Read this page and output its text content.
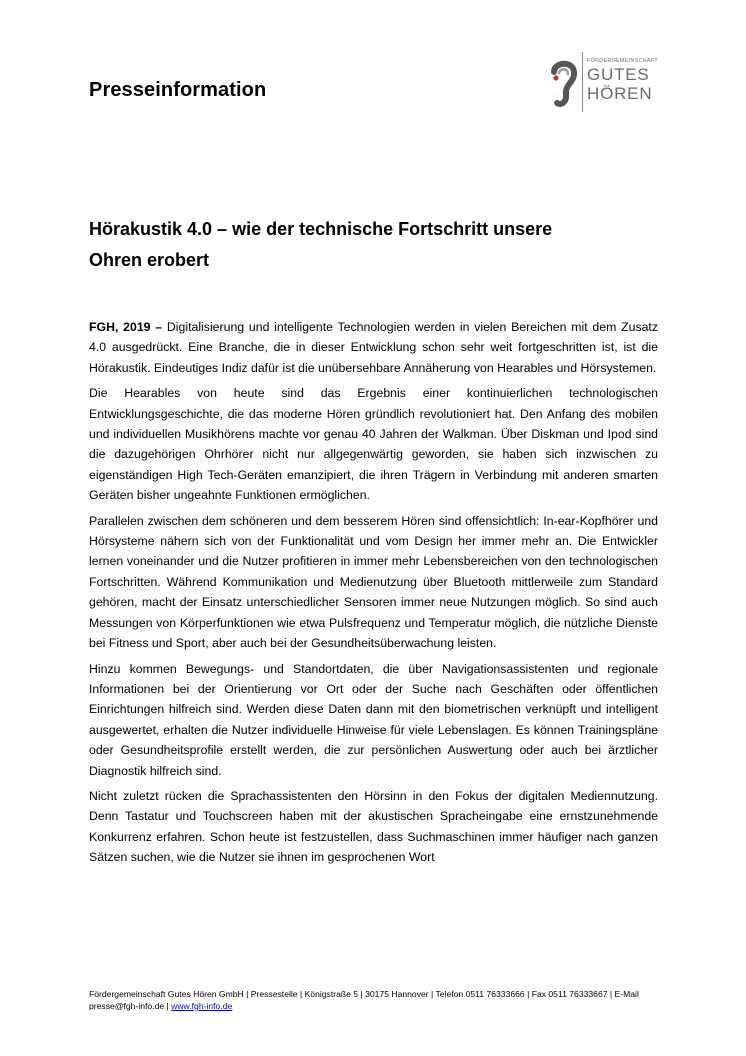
Presseinformation
FÖRDERGEMEINSCHAFT
GUTES
HÖREN
Hörakustik 4.0 – wie der technische Fortschritt unsere
Ohren erobert

FGH, 2019 – Digitalisierung und intelligente Technologien werden in vielen Bereichen mit dem Zusatz 4.0 ausgedrückt. Eine Branche, die in dieser Entwicklung schon sehr weit fortgeschritten ist, ist die Hörakustik. Eindeutiges Indiz dafür ist die unübersehbare Annäherung von Hearables und Hörsystemen.

Die Hearables von heute sind das Ergebnis einer kontinuierlichen technologischen Entwicklungsgeschichte, die das moderne Hören gründlich revolutioniert hat. Den Anfang des mobilen und individuellen Musikhörens machte vor genau 40 Jahren der Walkman. Über Diskman und Ipod sind die dazugehörigen Ohrhörer nicht nur allgegenwärtig geworden, sie haben sich inzwischen zu eigenständigen High Tech-Geräten emanzipiert, die ihren Trägern in Verbindung mit anderen smarten Geräten bisher ungeahnte Funktionen ermöglichen.

Parallelen zwischen dem schöneren und dem besserem Hören sind offensichtlich: In-ear-Kopfhörer und Hörsysteme nähern sich von der Funktionalität und vom Design her immer mehr an. Die Entwickler lernen voneinander und die Nutzer profitieren in immer mehr Lebensbereichen von den technologischen Fortschritten. Während Kommunikation und Medienutzung über Bluetooth mittlerweile zum Standard gehören, macht der Einsatz unterschiedlicher Sensoren immer neue Nutzungen möglich. So sind auch Messungen von Körperfunktionen wie etwa Pulsfrequenz und Temperatur möglich, die nützliche Dienste bei Fitness und Sport, aber auch bei der Gesundheitsüberwachung leisten.

Hinzu kommen Bewegungs- und Standortdaten, die über Navigationsassistenten und regionale Informationen bei der Orientierung vor Ort oder der Suche nach Geschäften oder öffentlichen Einrichtungen hilfreich sind. Werden diese Daten dann mit den biometrischen verknüpft und intelligent ausgewertet, erhalten die Nutzer individuelle Hinweise für viele Lebenslagen. Es können Trainingspläne oder Gesundheitsprofile erstellt werden, die zur persönlichen Auswertung oder auch bei ärztlicher Diagnostik hilfreich sind.

Nicht zuletzt rücken die Sprachassistenten den Hörsinn in den Fokus der digitalen Mediennutzung. Denn Tastatur und Touchscreen haben mit der akustischen Spracheingabe eine ernstzunehmende Konkurrenz erfahren. Schon heute ist festzustellen, dass Suchmaschinen immer häufiger nach ganzen Sätzen suchen, wie die Nutzer sie ihnen im gesprochenen Wort

Fördergemeinschaft Gutes Hören GmbH | Pressestelle | Königstraße 5 | 30175 Hannover | Telefon 0511 76333666 | Fax 0511 76333667 | E-Mail presse@fgh-info.de | www.fgh-info.de
